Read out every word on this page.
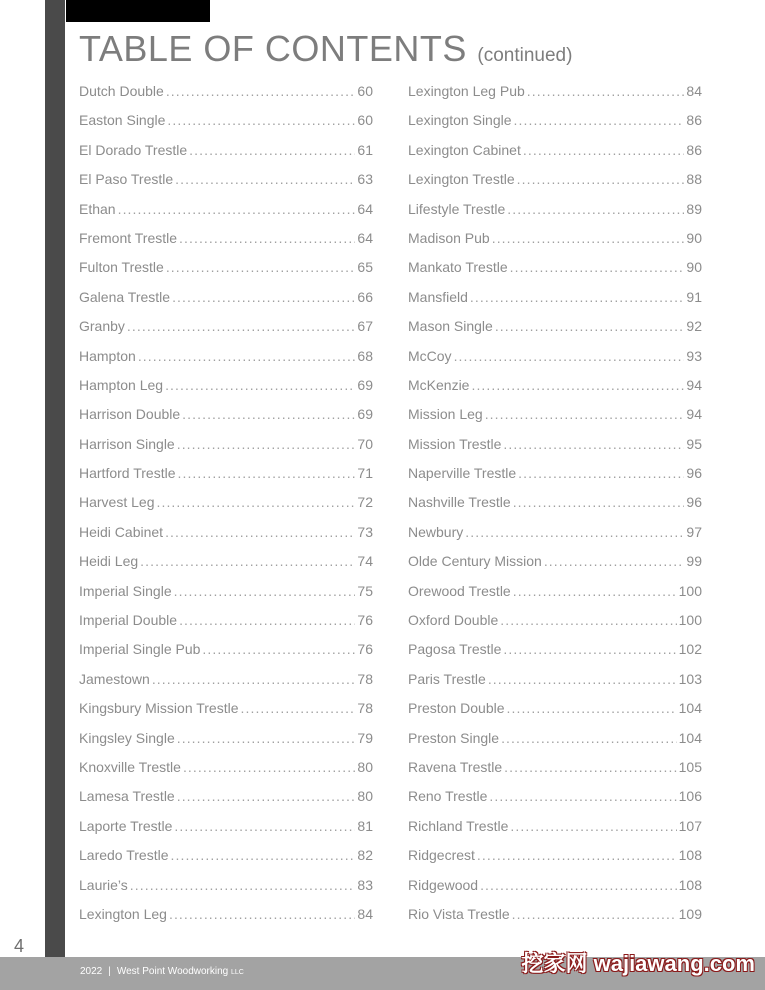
TABLE OF CONTENTS (continued)
Dutch Double . . .	60
Easton Single . . .	60
El Dorado Trestle . . .	61
El Paso Trestle . . .	63
Ethan . . .	64
Fremont Trestle . . .	64
Fulton Trestle . . .	65
Galena Trestle . . .	66
Granby . . .	67
Hampton . . .	68
Hampton Leg . . .	69
Harrison Double . . .	69
Harrison Single . . .	70
Hartford Trestle . . .	71
Harvest Leg . . .	72
Heidi Cabinet . . .	73
Heidi Leg . . .	74
Imperial Single . . .	75
Imperial Double . . .	76
Imperial Single Pub . . .	76
Jamestown . . .	78
Kingsbury Mission Trestle . . .	78
Kingsley Single . . .	79
Knoxville Trestle . . .	80
Lamesa Trestle . . .	80
Laporte Trestle . . .	81
Laredo Trestle . . .	82
Laurie’s . . .	83
Lexington Leg . . .	84
Lexington Leg Pub . . .	84
Lexington Single . . .	86
Lexington Cabinet . . .	86
Lexington Trestle . . .	88
Lifestyle Trestle . . .	89
Madison Pub . . .	90
Mankato Trestle . . .	90
Mansfield . . .	91
Mason Single . . .	92
McCoy . . .	93
McKenzie . . .	94
Mission Leg . . .	94
Mission Trestle . . .	95
Naperville Trestle . . .	96
Nashville Trestle . . .	96
Newbury . . .	97
Olde Century Mission . . .	99
Orewood Trestle . . .	100
Oxford Double . . .	100
Pagosa Trestle . . .	102
Paris Trestle . . .	103
Preston Double . . .	104
Preston Single . . .	104
Ravena Trestle . . .	105
Reno Trestle . . .	106
Richland Trestle . . .	107
Ridgecrest . . .	108
Ridgewood . . .	108
Rio Vista Trestle . . .	109
4
2022 | West Point Woodworking LLC	挖家网 wajiawang.com
